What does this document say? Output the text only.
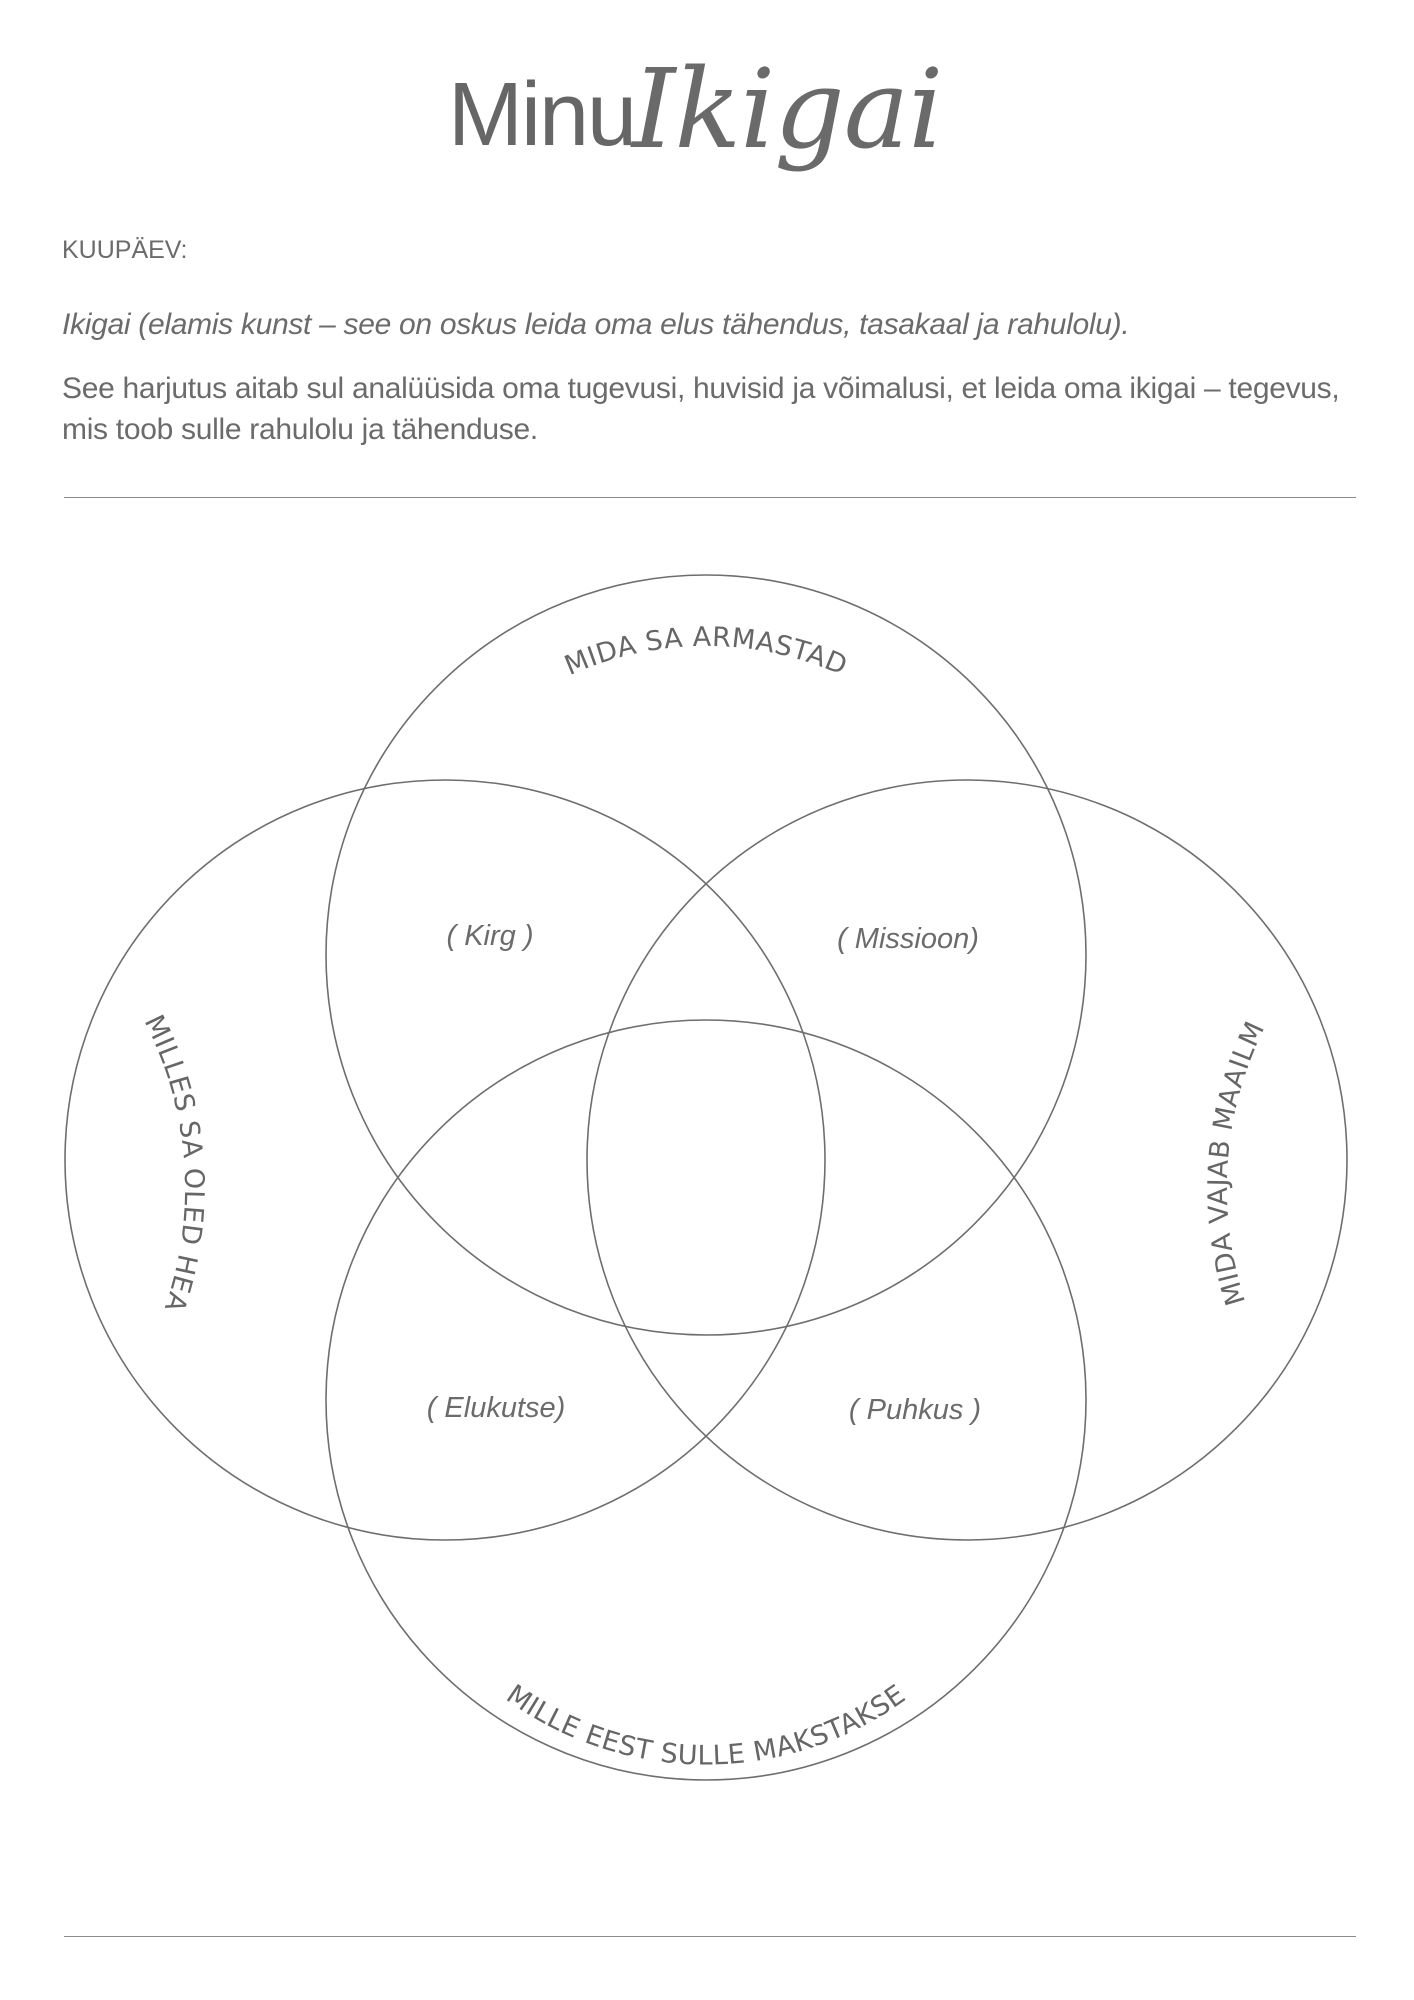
Minu
Ikigai
KUUPÄEV:
Ikigai (elamis kunst – see on oskus leida oma elus tähendus, tasakaal ja rahulolu).
See harjutus aitab sul analüüsida oma tugevusi, huvisid ja võimalusi, et leida oma ikigai – tegevus, mis toob sulle rahulolu ja tähenduse.
MIDA SA ARMASTAD
MILLES SA OLED HEA	MIDA VAJAB MAAILM
MILLE EEST SULLE MAKSTAKSE
( Kirg )	( Missioon)
( Elukutse)	( Puhkus )
